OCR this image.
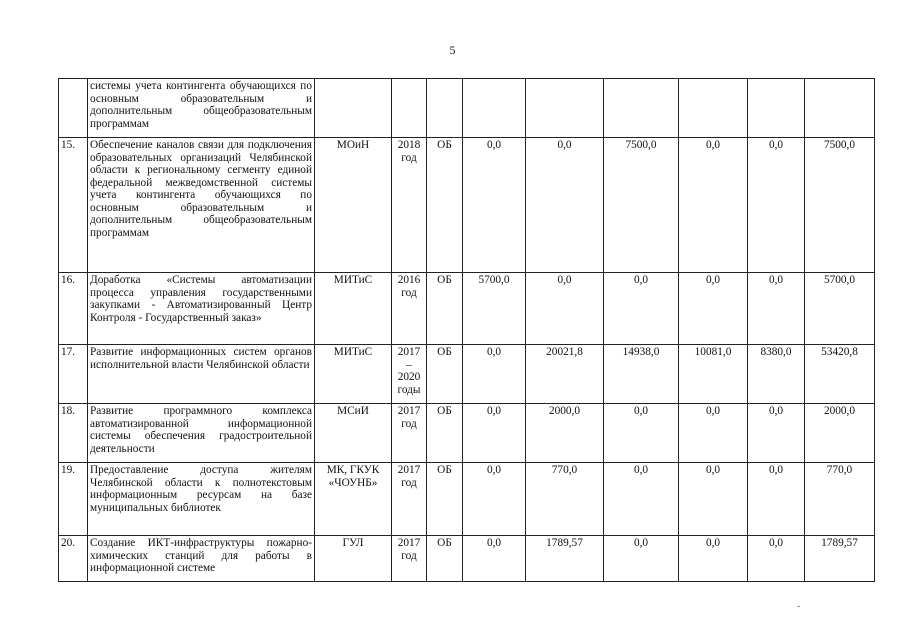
5
	системы учета контингента обучающихся по основным образовательным и дополнительным общеобразовательным программам									
15.	Обеспечение каналов связи для подключения образовательных организаций Челябинской области к региональному сегменту единой федеральной межведомственной системы учета контингента обучающихся по основным образовательным и дополнительным общеобразовательным программам	МОиН	2018 год	ОБ	0,0	0,0	7500,0	0,0	0,0	7500,0
16.	Доработка «Системы автоматизации процесса управления государственными закупками - Автоматизированный Центр Контроля - Государственный заказ»	МИТиС	2016 год	ОБ	5700,0	0,0	0,0	0,0	0,0	5700,0
17.	Развитие информационных систем органов исполнительной власти Челябинской области	МИТиС	2017 – 2020 годы	ОБ	0,0	20021,8	14938,0	10081,0	8380,0	53420,8
18.	Развитие программного комплекса автоматизированной информационной системы обеспечения градостроительной деятельности	МСиИ	2017 год	ОБ	0,0	2000,0	0,0	0,0	0,0	2000,0
19.	Предоставление доступа жителям Челябинской области к полнотекстовым информационным ресурсам на базе муниципальных библиотек	МК, ГКУК «ЧОУНБ»	2017 год	ОБ	0,0	770,0	0,0	0,0	0,0	770,0
20.	Создание ИКТ-инфраструктуры пожарно-химических станций для работы в информационной системе	ГУЛ	2017 год	ОБ	0,0	1789,57	0,0	0,0	0,0	1789,57
